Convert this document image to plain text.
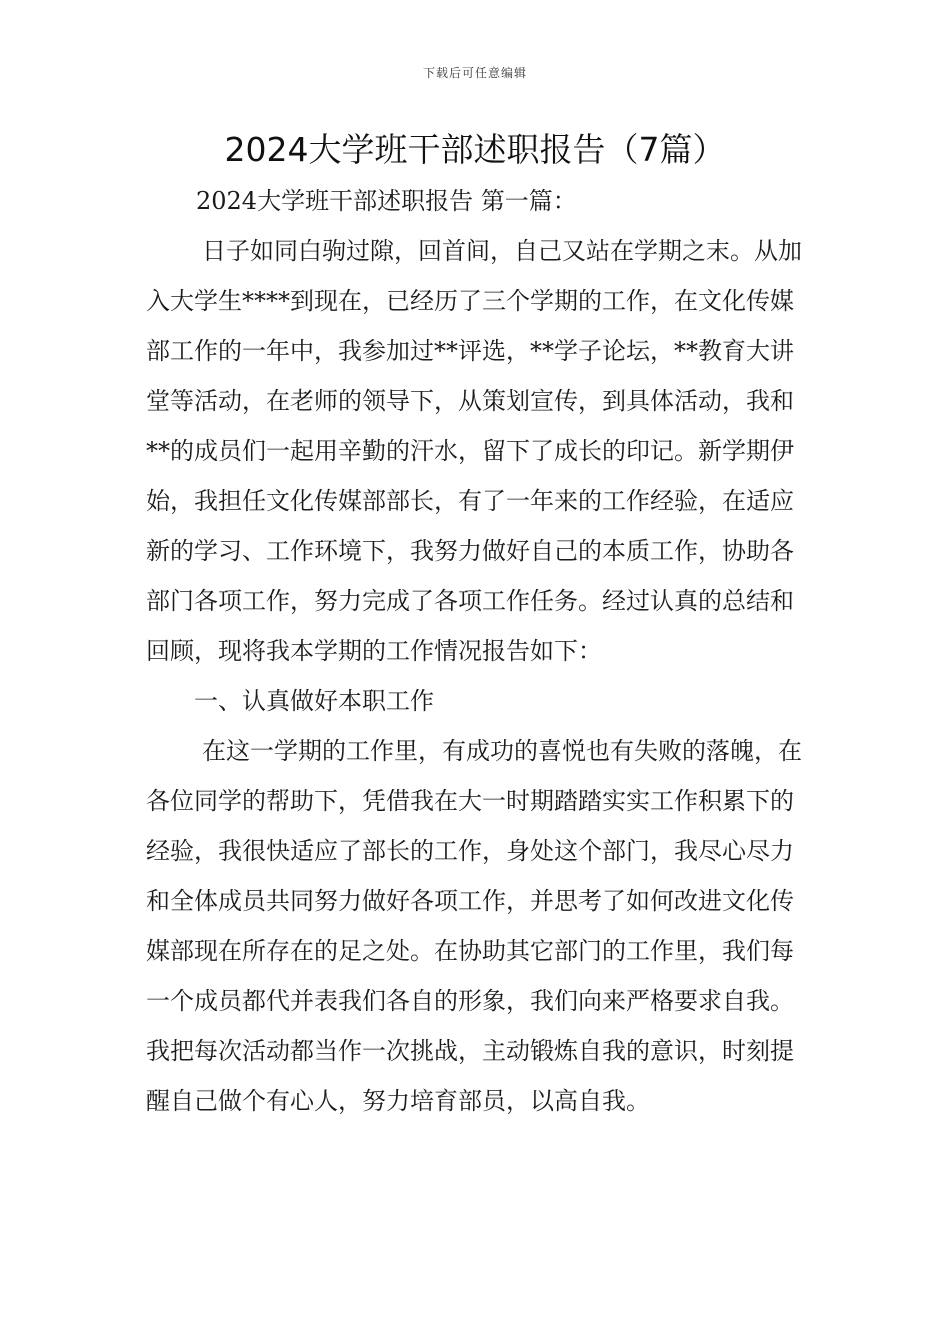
下载后可任意编辑
2024大学班干部述职报告（7篇）

2024大学班干部述职报告 第一篇：

日子如同白驹过隙，回首间，自己又站在学期之末。从加入大学生****到现在，已经历了三个学期的工作，在文化传媒部工作的一年中，我参加过**评选，**学子论坛，**教育大讲堂等活动，在老师的领导下，从策划宣传，到具体活动，我和**的成员们一起用辛勤的汗水，留下了成长的印记。新学期伊始，我担任文化传媒部部长，有了一年来的工作经验，在适应新的学习、工作环境下，我努力做好自己的本质工作，协助各部门各项工作，努力完成了各项工作任务。经过认真的总结和回顾，现将我本学期的工作情况报告如下：

一、认真做好本职工作

在这一学期的工作里，有成功的喜悦也有失败的落魄，在各位同学的帮助下，凭借我在大一时期踏踏实实工作积累下的经验，我很快适应了部长的工作，身处这个部门，我尽心尽力和全体成员共同努力做好各项工作，并思考了如何改进文化传媒部现在所存在的足之处。在协助其它部门的工作里，我们每一个成员都代并表我们各自的形象，我们向来严格要求自我。我把每次活动都当作一次挑战，主动锻炼自我的意识，时刻提醒自己做个有心人，努力培育部员，以高自我。
